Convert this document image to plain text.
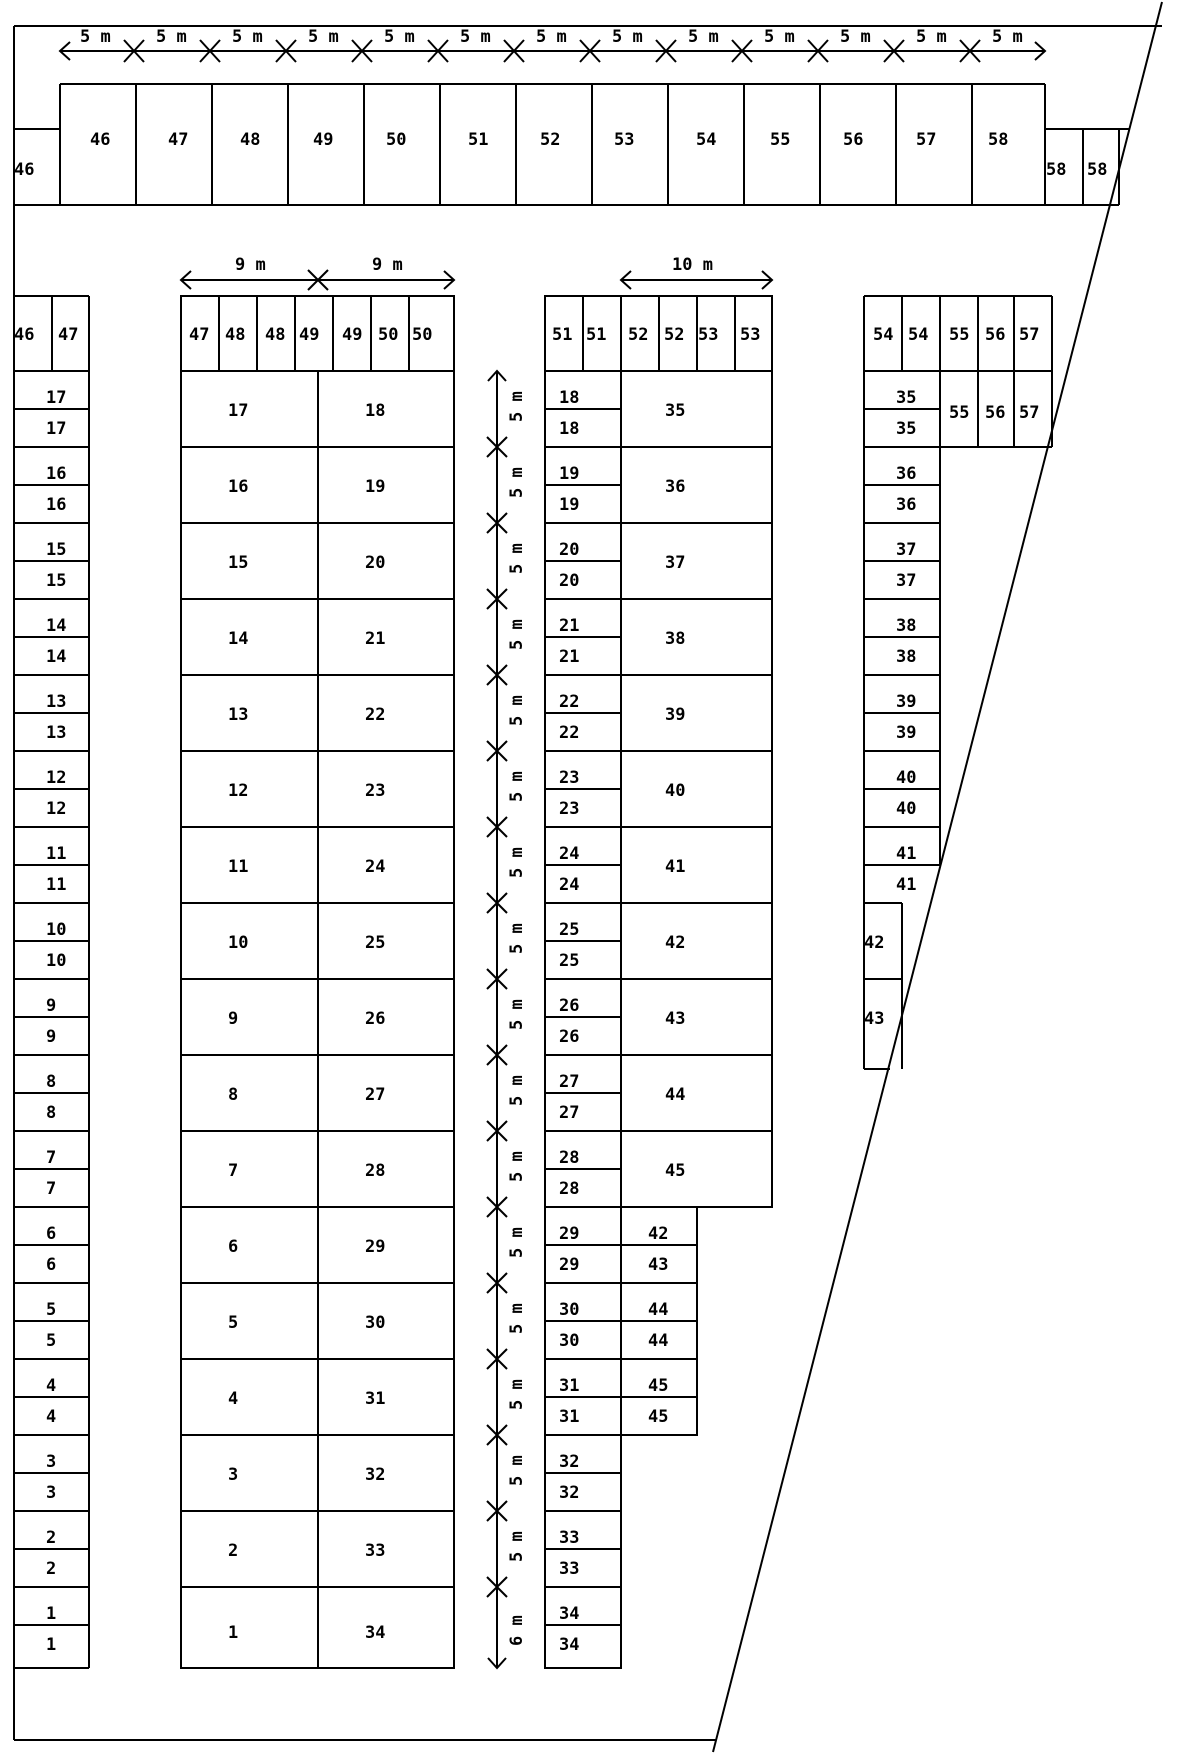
5 m	5 m	5 m	5 m	5 m	5 m	5 m	5 m	5 m	5 m	5 m	5 m	5 m
46	47	48	49	50	51	52	53	54	55	56	57	58
46	58 58
46 47
17
17
16
16
15
15
14
14
13
13
12
12
11
11
10
10
9
9
8
8
7
7
6
6
5
5
4
4
3
3
2
2
1
1
9 m	9 m
47 48 48 49 49 50 50
17
16
15
14
13
12
11
10
9
8
7
6
5
4
3
2
1
18
19
20
21
22
23
24
25
26
27
28
29
30
31
32
33
34
5 m
5 m
5 m
5 m
5 m
5 m
5 m
5 m
5 m
5 m
5 m
5 m
5 m
5 m
5 m
5 m
6 m
10 m
51 51 52 52 53 53
18
18
19
19
20
20
21
21
22
22
23
23
24
24
25
25
26
26
27
27
28
28
29
29
30
30
31
31
32
32
33
33
34
34
35
36
37
38
39
40
41
42
43
44
45
42
43
44
44
45
45
54 54 55 56 57
55 56 57
35
35
36
36
37
37
38
38
39
39
40
40
41
41
42
43
